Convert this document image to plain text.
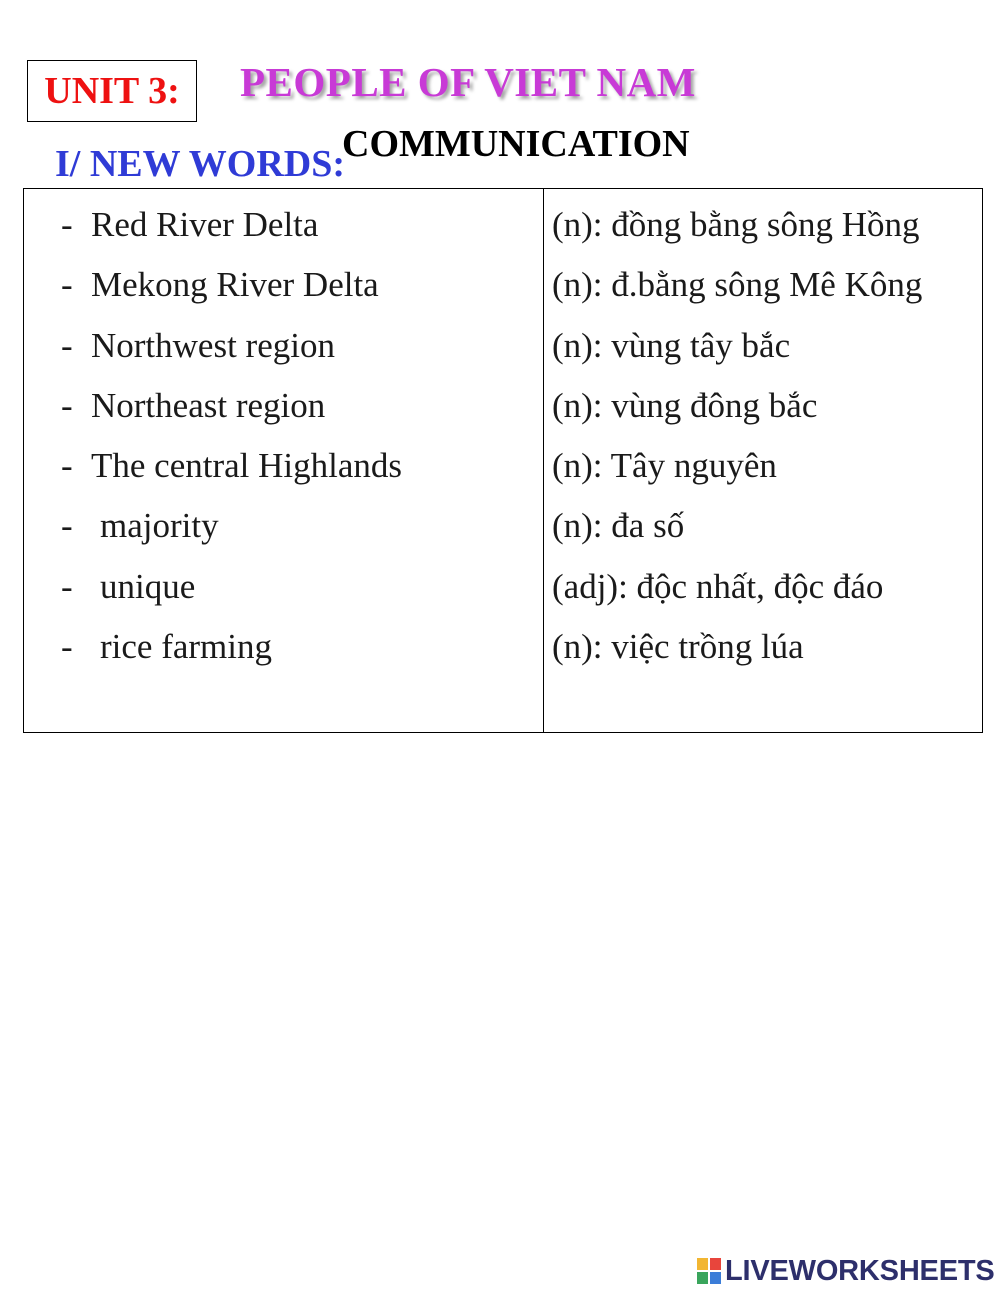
UNIT 3: PEOPLE OF VIET NAM
COMMUNICATION
I/ NEW WORDS:
- Red River Delta	(n): đồng bằng sông Hồng
- Mekong River Delta	(n): đ.bằng sông Mê Kông
- Northwest region	(n): vùng tây bắc
- Northeast region	(n): vùng đông bắc
- The central Highlands	(n): Tây nguyên
- majority	(n): đa số
- unique	(adj): độc nhất, độc đáo
- rice farming	(n): việc trồng lúa
LIVEWORKSHEETS
